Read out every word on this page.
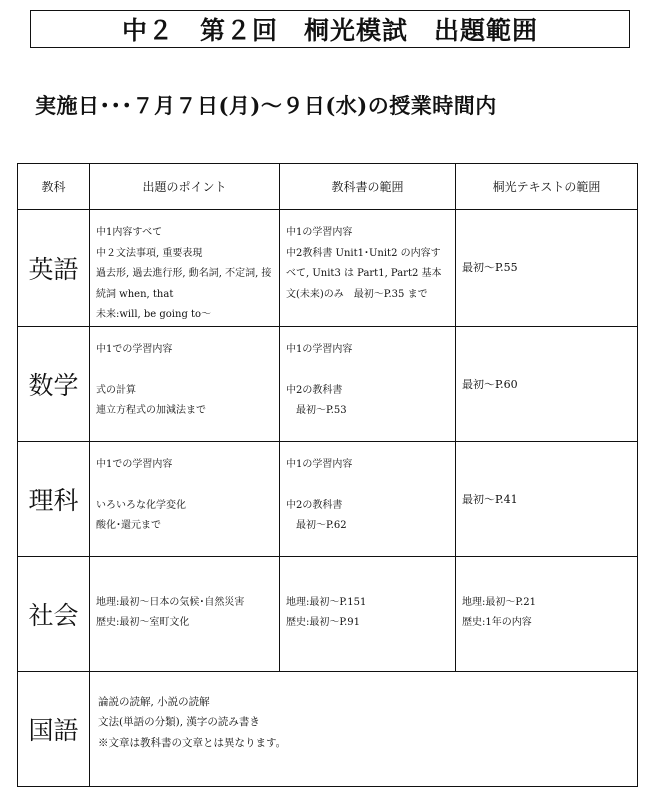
中２　第２回　桐光模試　出題範囲
実施日･･･７月７日(月)～９日(水)の授業時間内
教科	出題のポイント	教科書の範囲	桐光テキストの範囲
英語	中1内容すべて
中２文法事項, 重要表現
過去形, 過去進行形, 動名詞, 不定詞, 接続詞 when, that
未来:will, be going to～	中1の学習内容
中2教科書 Unit1･Unit2 の内容すべて, Unit3 は Part1, Part2 基本文(未来)のみ　最初～P.35 まで	最初～P.55

数学	中1での学習内容

式の計算
連立方程式の加減法まで	中1の学習内容

中2の教科書
　最初～P.53	最初～P.60

理科	中1での学習内容

いろいろな化学変化
酸化･還元まで	中1の学習内容

中2の教科書
　最初～P.62	最初～P.41

社会	地理:最初～日本の気候･自然災害
歴史:最初～室町文化	地理:最初～P.151
歴史:最初～P.91	地理:最初～P.21
歴史:1年の内容

国語	論説の読解, 小説の読解
文法(単語の分類), 漢字の読み書き
※文章は教科書の文章とは異なります。		
